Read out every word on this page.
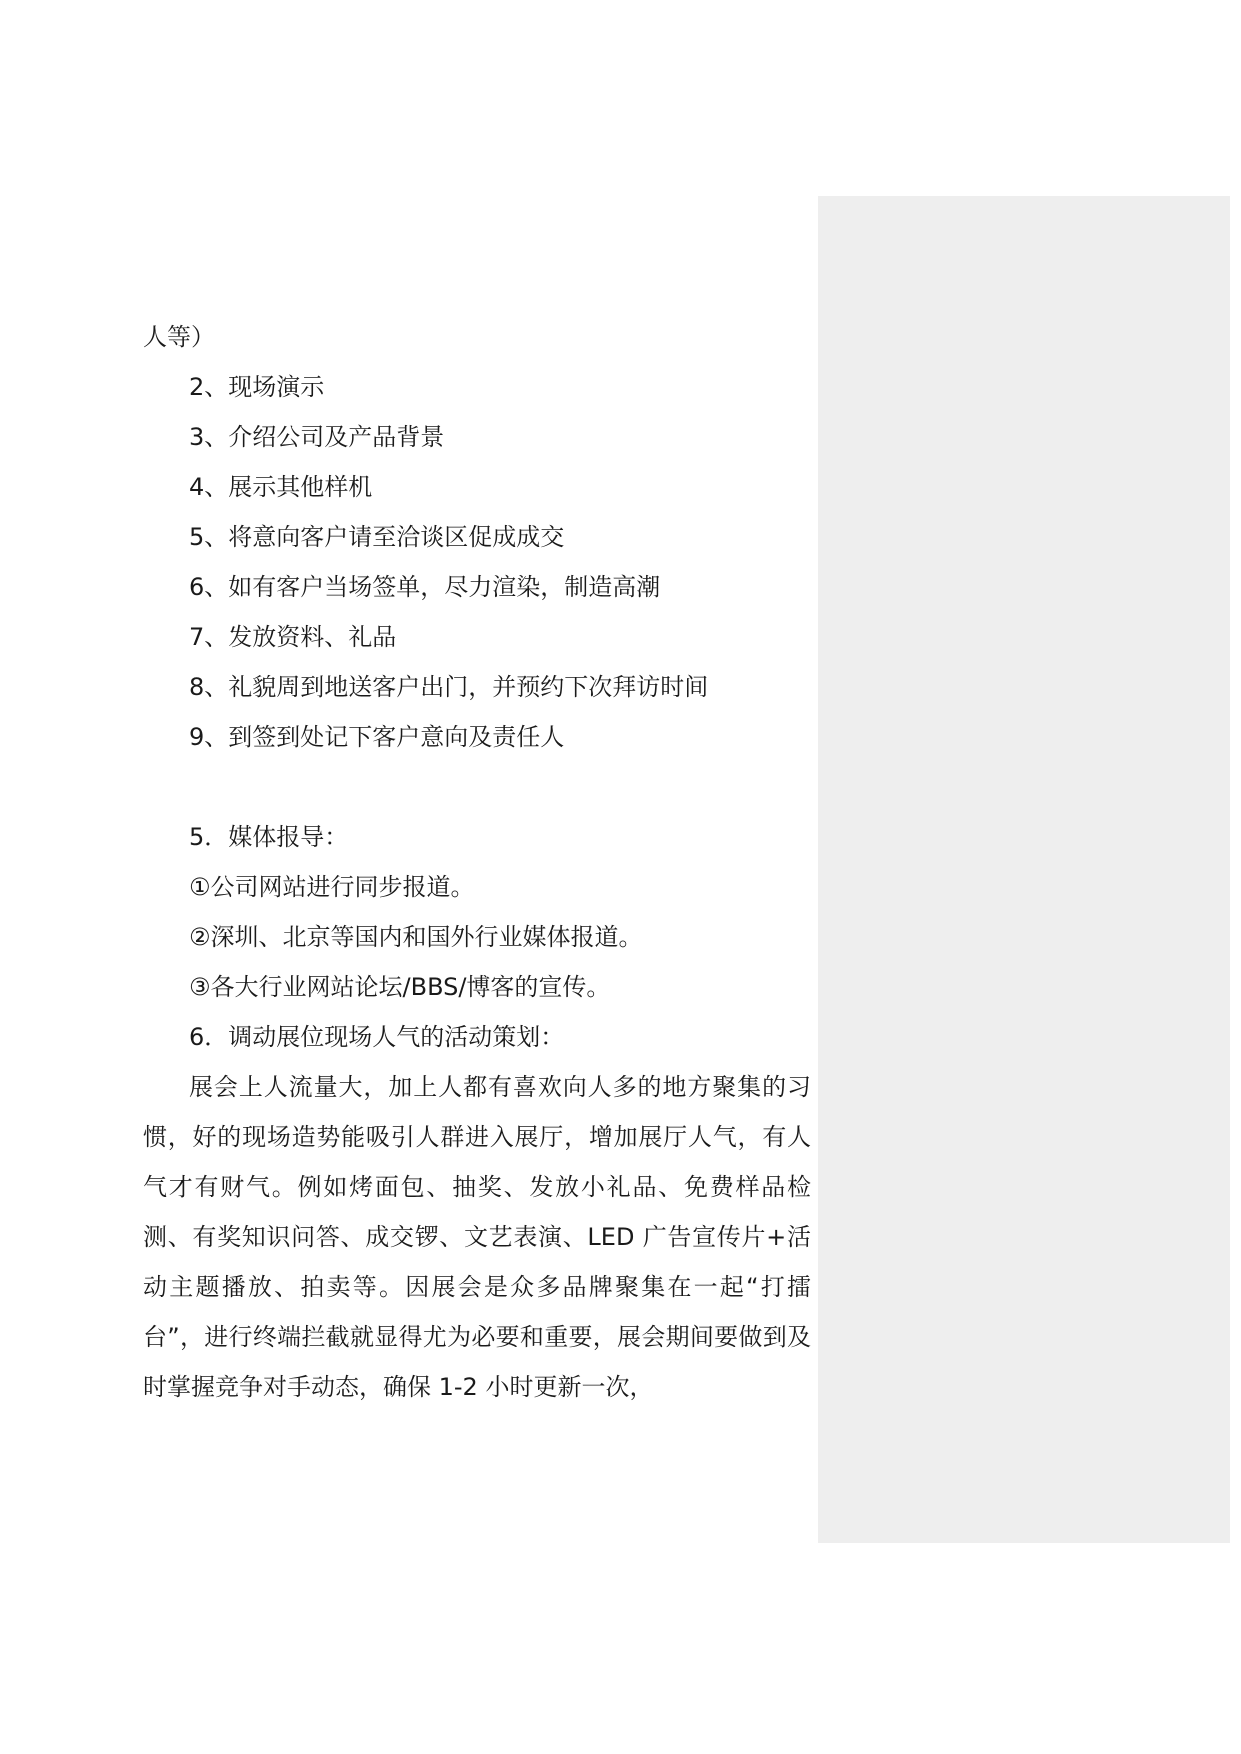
人等）
2、现场演示
3、介绍公司及产品背景
4、展示其他样机
5、将意向客户请至洽谈区促成成交
6、如有客户当场签单，尽力渲染，制造高潮
7、发放资料、礼品
8、礼貌周到地送客户出门，并预约下次拜访时间
9、到签到处记下客户意向及责任人
5．媒体报导：
①公司网站进行同步报道。
②深圳、北京等国内和国外行业媒体报道。
③各大行业网站论坛/BBS/博客的宣传。
6．调动展位现场人气的活动策划：

展会上人流量大，加上人都有喜欢向人多的地方聚集的习惯，好的现场造势能吸引人群进入展厅，增加展厅人气，有人气才有财气。例如烤面包、抽奖、发放小礼品、免费样品检测、有奖知识问答、成交锣、文艺表演、LED 广告宣传片+活动主题播放、拍卖等。因展会是众多品牌聚集在一起“打擂台”，进行终端拦截就显得尤为必要和重要，展会期间要做到及时掌握竞争对手动态，确保 1-2 小时更新一次，
